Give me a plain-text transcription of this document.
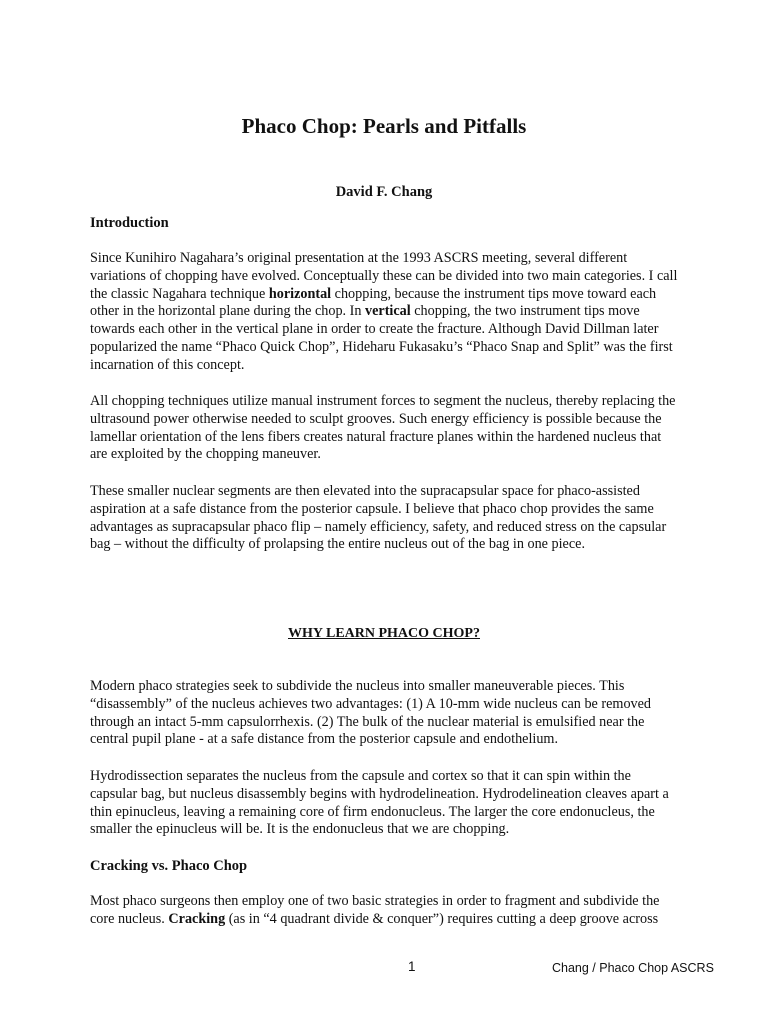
Phaco Chop: Pearls and Pitfalls
David F. Chang
Introduction

Since Kunihiro Nagahara’s original presentation at the 1993 ASCRS meeting, several different
variations of chopping have evolved. Conceptually these can be divided into two main categories. I call
the classic Nagahara technique horizontal chopping, because the instrument tips move toward each
other in the horizontal plane during the chop. In vertical chopping, the two instrument tips move
towards each other in the vertical plane in order to create the fracture. Although David Dillman later
popularized the name “Phaco Quick Chop”, Hideharu Fukasaku’s “Phaco Snap and Split” was the first
incarnation of this concept.

All chopping techniques utilize manual instrument forces to segment the nucleus, thereby replacing the
ultrasound power otherwise needed to sculpt grooves. Such energy efficiency is possible because the
lamellar orientation of the lens fibers creates natural fracture planes within the hardened nucleus that
are exploited by the chopping maneuver.

These smaller nuclear segments are then elevated into the supracapsular space for phaco-assisted
aspiration at a safe distance from the posterior capsule. I believe that phaco chop provides the same
advantages as supracapsular phaco flip – namely efficiency, safety, and reduced stress on the capsular
bag – without the difficulty of prolapsing the entire nucleus out of the bag in one piece.

WHY LEARN PHACO CHOP?

Modern phaco strategies seek to subdivide the nucleus into smaller maneuverable pieces. This
“disassembly” of the nucleus achieves two advantages: (1) A 10-mm wide nucleus can be removed
through an intact 5-mm capsulorrhexis. (2) The bulk of the nuclear material is emulsified near the
central pupil plane - at a safe distance from the posterior capsule and endothelium.

Hydrodissection separates the nucleus from the capsule and cortex so that it can spin within the
capsular bag, but nucleus disassembly begins with hydrodelineation. Hydrodelineation cleaves apart a
thin epinucleus, leaving a remaining core of firm endonucleus. The larger the core endonucleus, the
smaller the epinucleus will be. It is the endonucleus that we are chopping.

Cracking vs. Phaco Chop

Most phaco surgeons then employ one of two basic strategies in order to fragment and subdivide the
core nucleus. Cracking (as in “4 quadrant divide & conquer”) requires cutting a deep groove across

1	Chang / Phaco Chop ASCRS
